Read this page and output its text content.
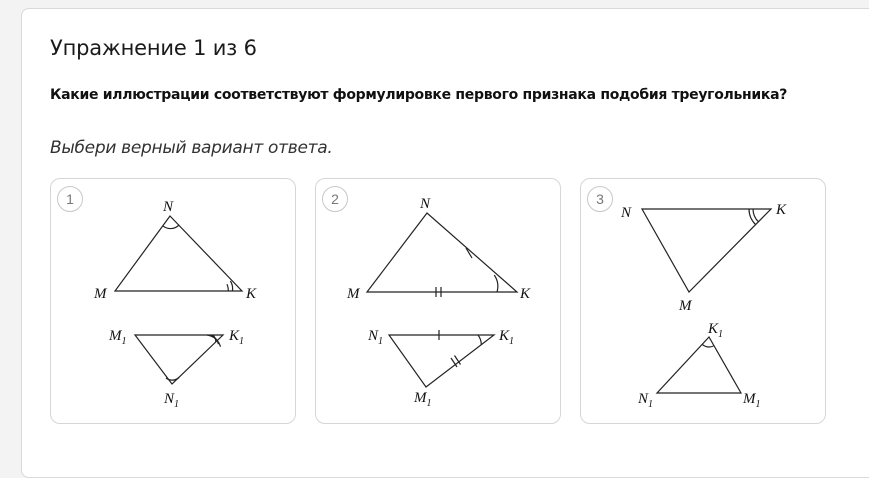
Упражнение 1 из 6

Какие иллюстрации соответствуют формулировке первого признака подобия треугольника?

Выбери верный вариант ответа.

1	N
M	K
$M_1$	$K_1$
$N_1$
2	N
M	K
$N_1$	$K_1$
$M_1$
3
N	K
M
$K_1$
$N_1$	$M_1$
